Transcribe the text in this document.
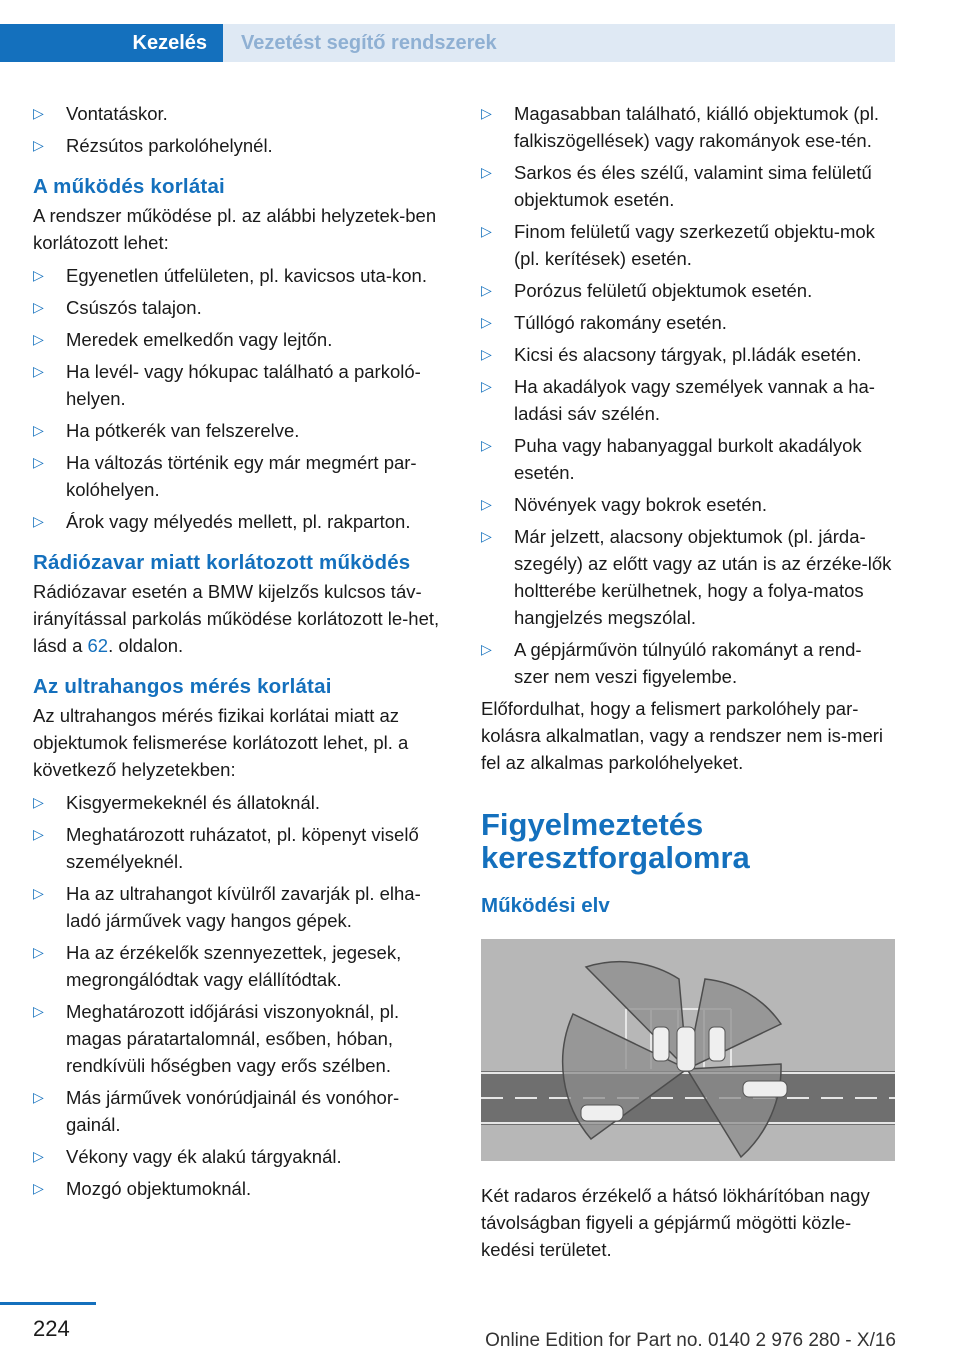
Kezelés	Vezetést segítő rendszerek
▷ Vontatáskor.
▷ Rézsútos parkolóhelynél.
A működés korlátai

A rendszer működése pl. az alábbi helyzetek-ben korlátozott lehet:

▷ Egyenetlen útfelületen, pl. kavicsos uta-kon.
▷ Csúszós talajon.
▷ Meredek emelkedőn vagy lejtőn.
▷ Ha levél- vagy hókupac található a parkoló-helyen.
▷ Ha pótkerék van felszerelve.
▷ Ha változás történik egy már megmért par-kolóhelyen.
▷ Árok vagy mélyedés mellett, pl. rakparton.
Rádiózavar miatt korlátozott működés

Rádiózavar esetén a BMW kijelzős kulcsos táv-irányítással parkolás működése korlátozott le-het, lásd a 62. oldalon.

Az ultrahangos mérés korlátai

Az ultrahangos mérés fizikai korlátai miatt az objektumok felismerése korlátozott lehet, pl. a következő helyzetekben:

▷ Kisgyermekeknél és állatoknál.
▷ Meghatározott ruházatot, pl. köpenyt viselő személyeknél.
▷ Ha az ultrahangot kívülről zavarják pl. elha-ladó járművek vagy hangos gépek.
▷ Ha az érzékelők szennyezettek, jegesek, megrongálódtak vagy elállítódtak.
▷ Meghatározott időjárási viszonyoknál, pl. magas páratartalomnál, esőben, hóban, rendkívüli hőségben vagy erős szélben.
▷ Más járművek vonórúdjainál és vonóhor-gainál.
▷ Vékony vagy ék alakú tárgyaknál.
▷ Mozgó objektumoknál.
▷ Magasabban található, kiálló objektumok (pl. falkiszögellések) vagy rakományok ese-tén.
▷ Sarkos és éles szélű, valamint sima felületű objektumok esetén.
▷ Finom felületű vagy szerkezetű objektu-mok (pl. kerítések) esetén.
▷ Porózus felületű objektumok esetén.
▷ Túllógó rakomány esetén.
▷ Kicsi és alacsony tárgyak, pl.ládák esetén.
▷ Ha akadályok vagy személyek vannak a ha-ladási sáv szélén.
▷ Puha vagy habanyaggal burkolt akadályok esetén.
▷ Növények vagy bokrok esetén.
▷ Már jelzett, alacsony objektumok (pl. járda-szegély) az előtt vagy az után is az érzéke-lők holtterébe kerülhetnek, hogy a folya-matos hangjelzés megszólal.
▷ A gépjárművön túlnyúló rakományt a rend-szer nem veszi figyelembe.

Előfordulhat, hogy a felismert parkolóhely par-kolásra alkalmatlan, vagy a rendszer nem is-meri fel az alkalmas parkolóhelyeket.

Figyelmeztetés keresztforgalomra
Működési elv

Két radaros érzékelő a hátsó lökhárítóban nagy távolságban figyeli a gépjármű mögötti közle-kedési területet.

224	Online Edition for Part no. 0140 2 976 280 - X/16
